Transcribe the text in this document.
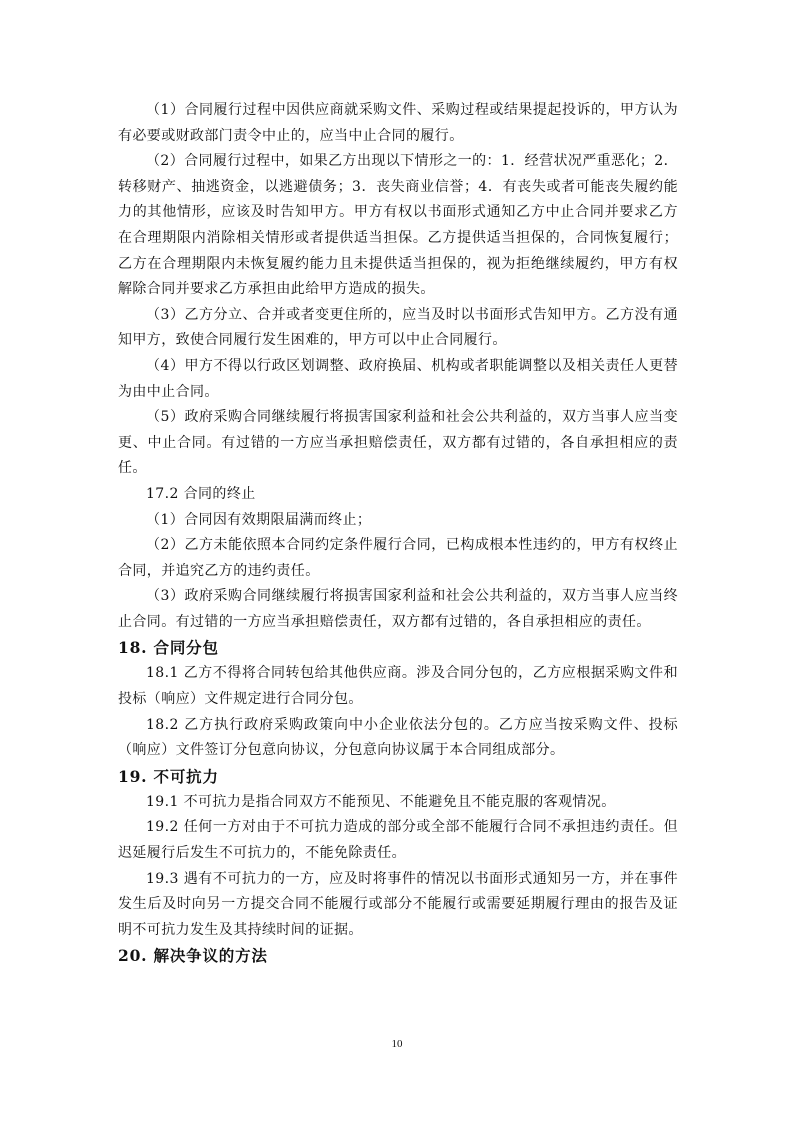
（1）合同履行过程中因供应商就采购文件、采购过程或结果提起投诉的，甲方认为有必要或财政部门责令中止的，应当中止合同的履行。

（2）合同履行过程中，如果乙方出现以下情形之一的：1．经营状况严重恶化；2．转移财产、抽逃资金，以逃避债务；3．丧失商业信誉；4．有丧失或者可能丧失履约能力的其他情形，应该及时告知甲方。甲方有权以书面形式通知乙方中止合同并要求乙方在合理期限内消除相关情形或者提供适当担保。乙方提供适当担保的，合同恢复履行；乙方在合理期限内未恢复履约能力且未提供适当担保的，视为拒绝继续履约，甲方有权解除合同并要求乙方承担由此给甲方造成的损失。

（3）乙方分立、合并或者变更住所的，应当及时以书面形式告知甲方。乙方没有通知甲方，致使合同履行发生困难的，甲方可以中止合同履行。

（4）甲方不得以行政区划调整、政府换届、机构或者职能调整以及相关责任人更替为由中止合同。

（5）政府采购合同继续履行将损害国家利益和社会公共利益的，双方当事人应当变更、中止合同。有过错的一方应当承担赔偿责任，双方都有过错的，各自承担相应的责任。

17.2 合同的终止

（1）合同因有效期限届满而终止；

（2）乙方未能依照本合同约定条件履行合同，已构成根本性违约的，甲方有权终止合同，并追究乙方的违约责任。

（3）政府采购合同继续履行将损害国家利益和社会公共利益的，双方当事人应当终止合同。有过错的一方应当承担赔偿责任，双方都有过错的，各自承担相应的责任。

18. 合同分包

18.1 乙方不得将合同转包给其他供应商。涉及合同分包的，乙方应根据采购文件和投标（响应）文件规定进行合同分包。

18.2 乙方执行政府采购政策向中小企业依法分包的。乙方应当按采购文件、投标（响应）文件签订分包意向协议，分包意向协议属于本合同组成部分。

19. 不可抗力

19.1 不可抗力是指合同双方不能预见、不能避免且不能克服的客观情况。

19.2 任何一方对由于不可抗力造成的部分或全部不能履行合同不承担违约责任。但迟延履行后发生不可抗力的，不能免除责任。

19.3 遇有不可抗力的一方，应及时将事件的情况以书面形式通知另一方，并在事件发生后及时向另一方提交合同不能履行或部分不能履行或需要延期履行理由的报告及证明不可抗力发生及其持续时间的证据。

20. 解决争议的方法
10
